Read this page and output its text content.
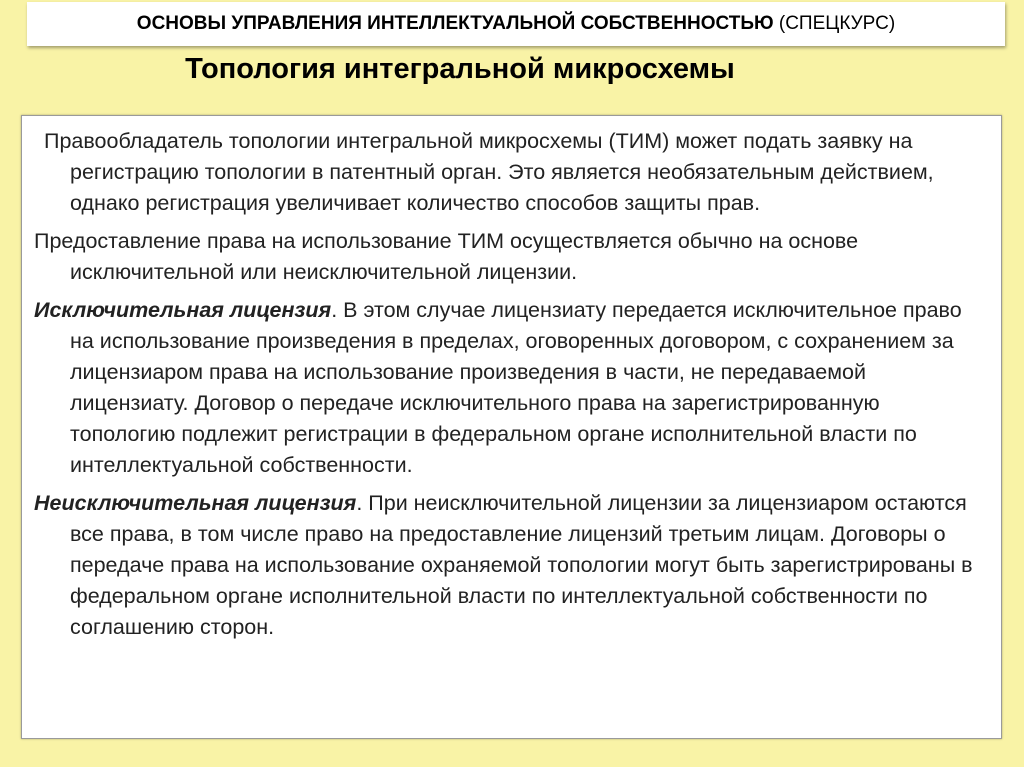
ОСНОВЫ УПРАВЛЕНИЯ ИНТЕЛЛЕКТУАЛЬНОЙ СОБСТВЕННОСТЬЮ (СПЕЦКУРС)
Топология интегральной микросхемы

Правообладатель топологии интегральной микросхемы (ТИМ) может подать заявку на регистрацию топологии в патентный орган. Это является необязательным действием, однако регистрация увеличивает количество способов защиты прав.

Предоставление права на использование ТИМ осуществляется обычно на основе исключительной или неисключительной лицензии.

Исключительная лицензия. В этом случае лицензиату передается исключительное право на использование произведения в пределах, оговоренных договором, с сохранением за лицензиаром права на использование произведения в части, не передаваемой лицензиату. Договор о передаче исключительного права на зарегистрированную топологию подлежит регистрации в федеральном органе исполнительной власти по интеллектуальной собственности.

Неисключительная лицензия. При неисключительной лицензии за лицензиаром остаются все права, в том числе право на предоставление лицензий третьим лицам. Договоры о передаче права на использование охраняемой топологии могут быть зарегистрированы в федеральном органе исполнительной власти по интеллектуальной собственности по соглашению сторон.
